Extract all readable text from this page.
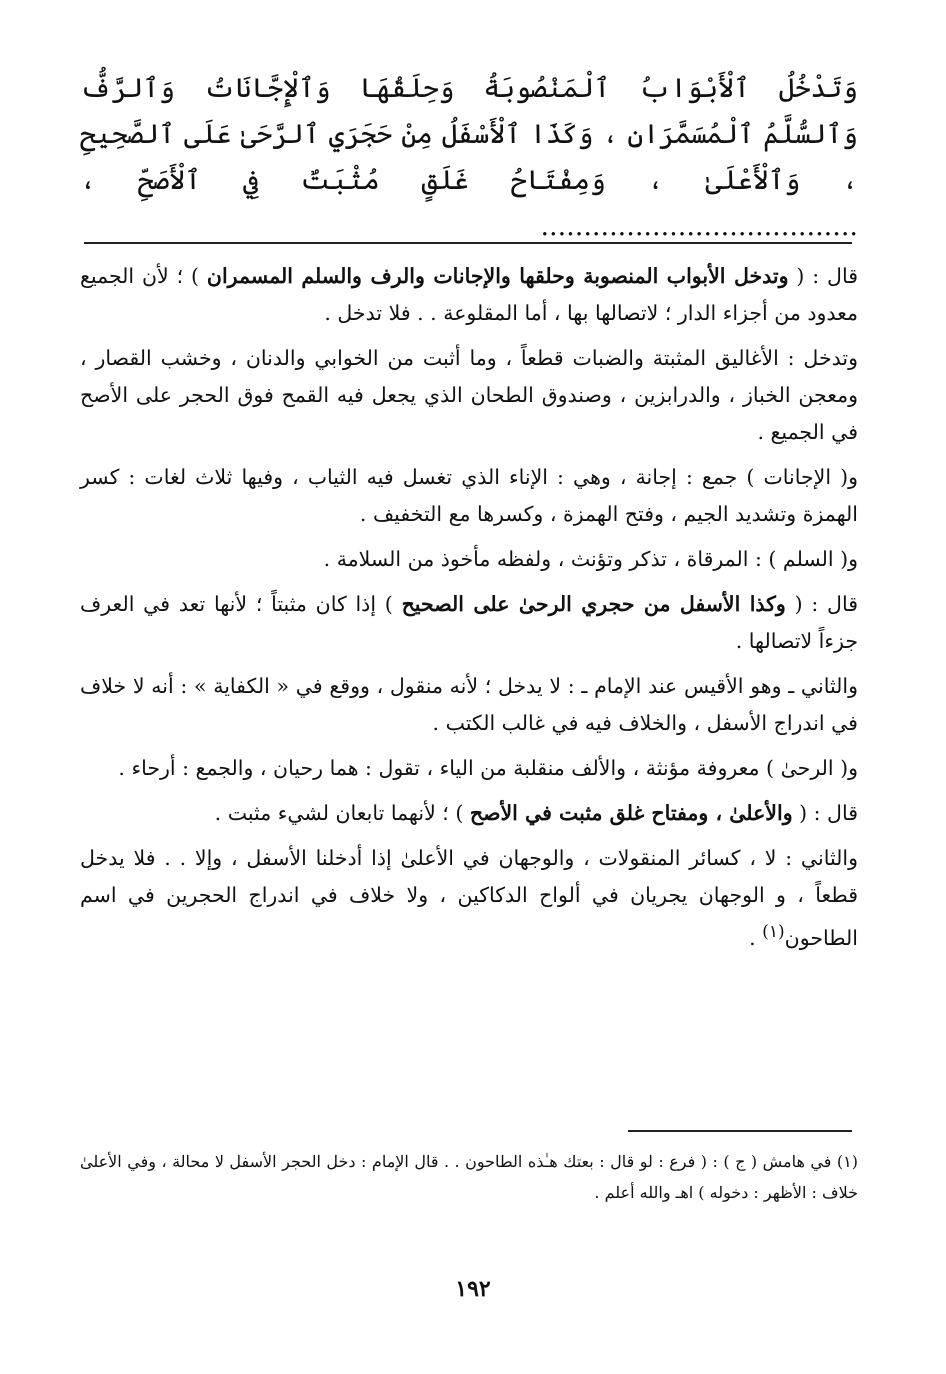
وَتَدْخُلُ ٱلْأَبْوَابُ ٱلْمَنْصُوبَةُ وَحِلَقُهَا وَٱلْإِجَّانَاتُ وَٱلرَّفُّ وَٱلسُّلَّمُ ٱلْمُسَمَّرَانِ ، وَكَذَا ٱلْأَسْفَلُ مِنْ حَجَرَيِ ٱلرَّحَىٰ عَلَى ٱلصَّحِيحِ ، وَٱلْأَعْلَىٰ ، وَمِفْتَاحُ غَلَقٍ مُثْبَتٌ فِي ٱلْأَصَحِّ ، .....................................

قال : ( وتدخل الأبواب المنصوبة وحلقها والإجانات والرف والسلم المسمران ) ؛ لأن الجميع معدود من أجزاء الدار ؛ لاتصالها بها ، أما المقلوعة . . فلا تدخل .

وتدخل : الأغاليق المثبتة والضبات قطعاً ، وما أثبت من الخوابي والدنان ، وخشب القصار ، ومعجن الخباز ، والدرابزين ، وصندوق الطحان الذي يجعل فيه القمح فوق الحجر على الأصح في الجميع .

و( الإجانات ) جمع : إجانة ، وهي : الإناء الذي تغسل فيه الثياب ، وفيها ثلاث لغات : كسر الهمزة وتشديد الجيم ، وفتح الهمزة ، وكسرها مع التخفيف .

و( السلم ) : المرقاة ، تذكر وتؤنث ، ولفظه مأخوذ من السلامة .

قال : ( وكذا الأسفل من حجري الرحىٰ على الصحيح ) إذا كان مثبتاً ؛ لأنها تعد في العرف جزءاً لاتصالها .

والثاني ـ وهو الأقيس عند الإمام ـ : لا يدخل ؛ لأنه منقول ، ووقع في « الكفاية » : أنه لا خلاف في اندراج الأسفل ، والخلاف فيه في غالب الكتب .

و( الرحىٰ ) معروفة مؤنثة ، والألف منقلبة من الياء ، تقول : هما رحيان ، والجمع : أرحاء .

قال : ( والأعلىٰ ، ومفتاح غلق مثبت في الأصح ) ؛ لأنهما تابعان لشيء مثبت .

والثاني : لا ، كسائر المنقولات ، والوجهان في الأعلىٰ إذا أدخلنا الأسفل ، وإلا . . فلا يدخل قطعاً ، و الوجهان يجريان في ألواح الدكاكين ، ولا خلاف في اندراج الحجرين في اسم الطاحون$^{(١)}$ .

(١) في هامش ( ج ) : ( فرع : لو قال : بعتك هـٰذه الطاحون . . قال الإمام : دخل الحجر الأسفل لا محالة ، وفي الأعلىٰ خلاف : الأظهر : دخوله ) اهـ والله أعلم .
١٩٢
